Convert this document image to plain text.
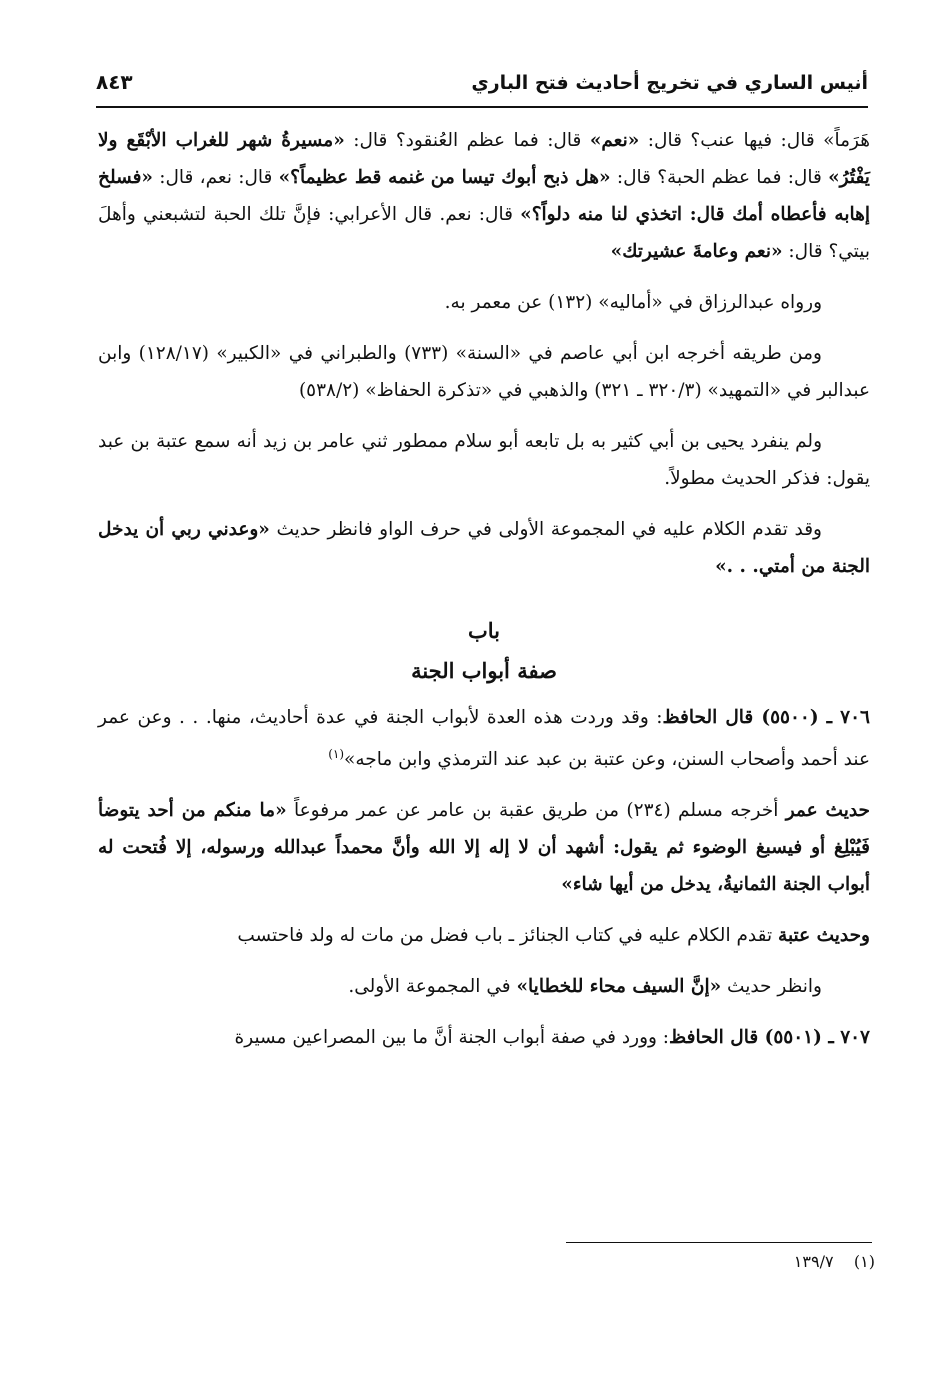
أنيس الساري في تخريج أحاديث فتح الباري
٨٤٣

هَرَماً» قال: فيها عنب؟ قال: «نعم» قال: فما عظم العُنقود؟ قال: «مسيرةُ شهر للغراب الأبْقَع ولا يَفْتُرُ» قال: فما عظم الحبة؟ قال: «هل ذبح أبوك تيسا من غنمه قط عظيماً؟» قال: نعم، قال: «فسلخ إهابه فأعطاه أمك قال: اتخذي لنا منه دلواً؟» قال: نعم. قال الأعرابي: فإنَّ تلك الحبة لتشبعني وأهلَ بيتي؟ قال: «نعم وعامةَ عشيرتك»

ورواه عبدالرزاق في «أماليه» (١٣٢) عن معمر به.

ومن طريقه أخرجه ابن أبي عاصم في «السنة» (٧٣٣) والطبراني في «الكبير» (١٢٨/١٧) وابن عبدالبر في «التمهيد» (٣٢٠/٣ ـ ٣٢١) والذهبي في «تذكرة الحفاظ» (٥٣٨/٢)

ولم ينفرد يحيى بن أبي كثير به بل تابعه أبو سلام ممطور ثني عامر بن زيد أنه سمع عتبة بن عبد يقول: فذكر الحديث مطولاً.

وقد تقدم الكلام عليه في المجموعة الأولى في حرف الواو فانظر حديث «وعدني ربي أن يدخل الجنة من أمتي. . .»

باب
صفة أبواب الجنة

٧٠٦ ـ (٥٥٠٠) قال الحافظ: وقد وردت هذه العدة لأبواب الجنة في عدة أحاديث، منها. . . وعن عمر عند أحمد وأصحاب السنن، وعن عتبة بن عبد عند الترمذي وابن ماجه»$^{(١)}$

حديث عمر أخرجه مسلم (٢٣٤) من طريق عقبة بن عامر عن عمر مرفوعاً «ما منكم من أحد يتوضأ فَيُبْلِغ أو فيسبغ الوضوء ثم يقول: أشهد أن لا إله إلا الله وأنَّ محمداً عبدالله ورسوله، إلا فُتحت له أبواب الجنة الثمانيةُ، يدخل من أيها شاء»

وحديث عتبة تقدم الكلام عليه في كتاب الجنائز ـ باب فضل من مات له ولد فاحتسب

وانظر حديث «إنَّ السيف محاء للخطايا» في المجموعة الأولى.

٧٠٧ ـ (٥٥٠١) قال الحافظ: وورد في صفة أبواب الجنة أنَّ ما بين المصراعين مسيرة

(١)    ١٣٩/٧
